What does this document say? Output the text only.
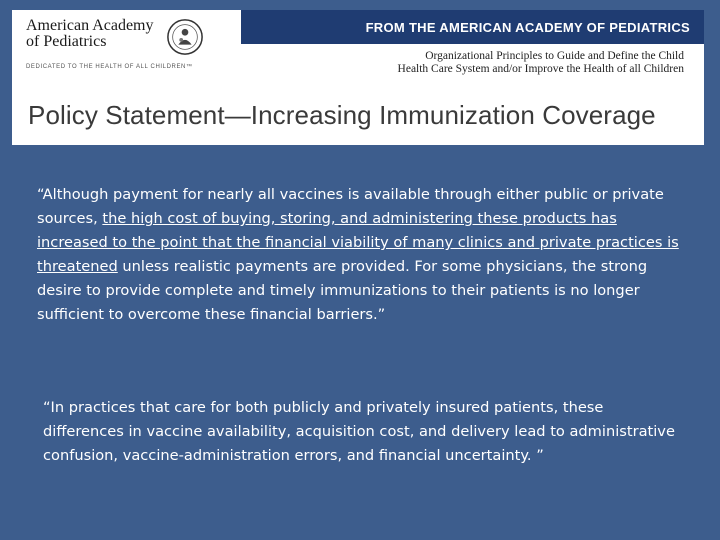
American Academy
of Pediatrics
DEDICATED TO THE HEALTH OF ALL CHILDREN™
FROM THE AMERICAN ACADEMY OF PEDIATRICS
Organizational Principles to Guide and Define the Child
Health Care System and/or Improve the Health of all Children
Policy Statement—Increasing Immunization Coverage
“Although payment for nearly all vaccines is available through either public or private sources, the high cost of buying, storing, and administering these products has increased to the point that the financial viability of many clinics and private practices is threatened unless realistic payments are provided. For some physicians, the strong desire to provide complete and timely immunizations to their patients is no longer sufficient to overcome these financial barriers.”
“In practices that care for both publicly and privately insured patients, these differences in vaccine availability, acquisition cost, and delivery lead to administrative confusion, vaccine-administration errors, and financial uncertainty. ”
